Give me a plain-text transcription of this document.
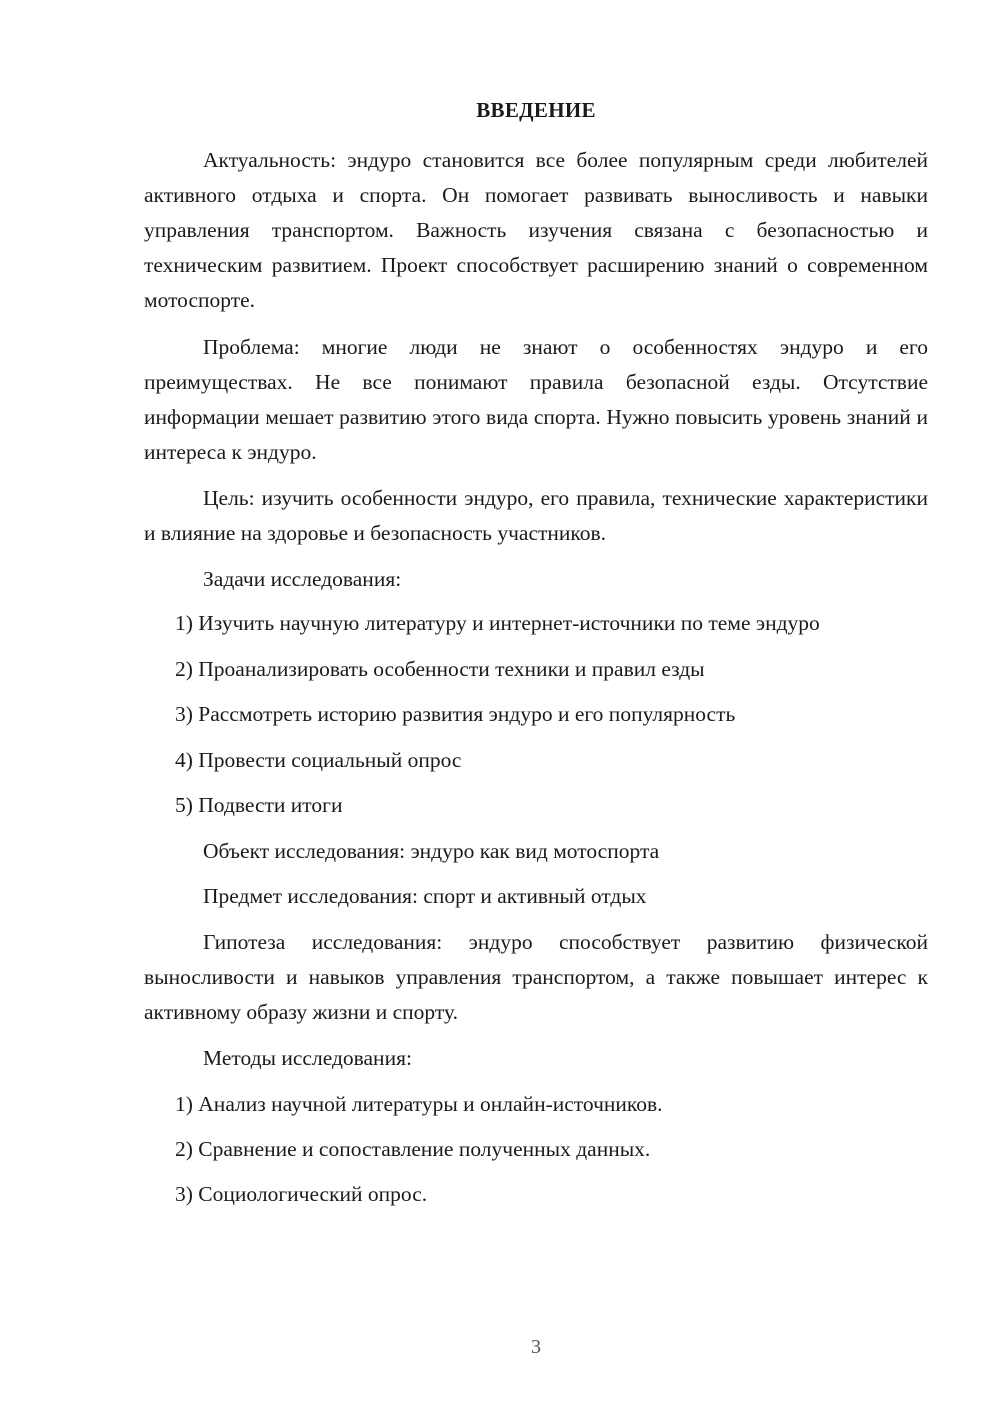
ВВЕДЕНИЕ

Актуальность: эндуро становится все более популярным среди любителей активного отдыха и спорта. Он помогает развивать выносливость и навыки управления транспортом. Важность изучения связана с безопасностью и техническим развитием. Проект способствует расширению знаний о современном мотоспорте.

Проблема: многие люди не знают о особенностях эндуро и его преимуществах. Не все понимают правила безопасной езды. Отсутствие информации мешает развитию этого вида спорта. Нужно повысить уровень знаний и интереса к эндуро.

Цель: изучить особенности эндуро, его правила, технические характеристики и влияние на здоровье и безопасность участников.

Задачи исследования:

1) Изучить научную литературу и интернет-источники по теме эндуро

2) Проанализировать особенности техники и правил езды

3) Рассмотреть историю развития эндуро и его популярность

4) Провести социальный опрос

5) Подвести итоги

Объект исследования: эндуро как вид мотоспорта

Предмет исследования: спорт и активный отдых

Гипотеза исследования: эндуро способствует развитию физической выносливости и навыков управления транспортом, а также повышает интерес к активному образу жизни и спорту.

Методы исследования:

1) Анализ научной литературы и онлайн-источников.

2) Сравнение и сопоставление полученных данных.

3) Социологический опрос.

3
